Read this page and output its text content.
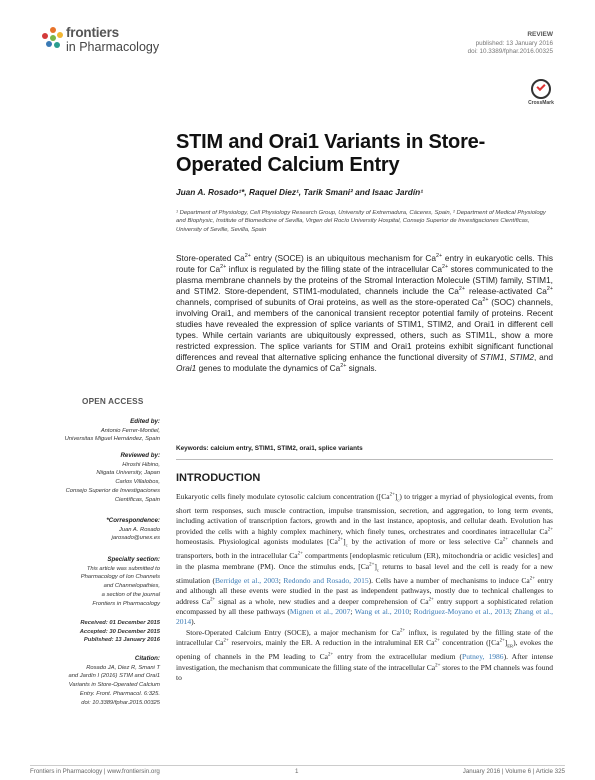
frontiers
in Pharmacology
REVIEW
published: 13 January 2016
doi: 10.3389/fphar.2016.00325
CrossMark
STIM and Orai1 Variants in Store-Operated Calcium Entry
Juan A. Rosado¹*, Raquel Diez¹, Tarik Smani² and Isaac Jardín¹
¹ Department of Physiology, Cell Physiology Research Group, University of Extremadura, Cáceres, Spain, ² Department of Medical Physiology and Biophysic, Institute of Biomedicine of Sevilla, Virgen del Rocío University Hospital, Consejo Superior de Investigaciones Científicas, University of Seville, Sevilla, Spain
Store-operated $Ca^{2+}$ entry (SOCE) is an ubiquitous mechanism for $Ca^{2+}$ entry in eukaryotic cells. This route for $Ca^{2+}$ influx is regulated by the filling state of the intracellular $Ca^{2+}$ stores communicated to the plasma membrane channels by the proteins of the Stromal Interaction Molecule (STIM) family, STIM1, and STIM2. Store-dependent, STIM1-modulated, channels include the $Ca^{2+}$ release-activated $Ca^{2+}$ channels, comprised of subunits of Orai proteins, as well as the store-operated $Ca^{2+}$ (SOC) channels, involving Orai1, and members of the canonical transient receptor potential family of proteins. Recent studies have revealed the expression of splice variants of STIM1, STIM2, and Orai1 in different cell types. While certain variants are ubiquitously expressed, others, such as STIM1L, show a more restricted expression. The splice variants for STIM and Orai1 proteins exhibit significant functional differences and reveal that alternative splicing enhance the functional diversity of STIM1, STIM2, and Orai1 genes to modulate the dynamics of $Ca^{2+}$ signals.
Keywords: calcium entry, STIM1, STIM2, orai1, splice variants
INTRODUCTION

Eukaryotic cells finely modulate cytosolic calcium concentration $([Ca^{2+}]_c)$ to trigger a myriad of physiological events, from short term responses, such muscle contraction, impulse transmission, secretion, and aggregation, to long term events, including activation of transcription factors, growth and in the last instance, apoptosis, and cellular death. Evolution has provided the cells with a highly complex machinery, which finely tunes, orchestrates and coordinates intracellular $Ca^{2+}$ homeostasis. Physiological agonists modulates $[Ca^{2+}]_c$ by the activation of more or less selective $Ca^{2+}$ channels and transporters, both in the intracellular $Ca^{2+}$ compartments [endoplasmic reticulum (ER), mitochondria or acidic vesicles] and in the plasma membrane (PM). Once the stimulus ends, $[Ca^{2+}]_c$ returns to basal level and the cell is ready for a new stimulation (Berridge et al., 2003; Redondo and Rosado, 2015). Cells have a number of mechanisms to induce $Ca^{2+}$ entry and although all these events were studied in the past as independent pathways, mostly due to technical challenges to address $Ca^{2+}$ signal as a whole, new studies and a deeper comprehension of $Ca^{2+}$ entry support a sophisticated relation encompassed by all these pathways (Mignen et al., 2007; Wang et al., 2010; Rodriguez-Moyano et al., 2013; Zhang et al., 2014).

Store-Operated Calcium Entry (SOCE), a major mechanism for $Ca^{2+}$ influx, is regulated by the filling state of the intracellular $Ca^{2+}$ reservoirs, mainly the ER. A reduction in the intraluminal ER $Ca^{2+}$ concentration $([Ca^{2+}]_{ER})$, evokes the opening of channels in the PM leading to $Ca^{2+}$ entry from the extracellular medium (Putney, 1986). After intense investigation, the mechanism that communicate the filling state of the intracellular $Ca^{2+}$ stores to the PM channels was found to

OPEN ACCESS
Edited by:
Antonio Ferrer-Montiel,
Universitas Miguel Hernández, Spain
Reviewed by:
Hiroshi Hibino,
Niigata University, Japan
Carlos Villalobos,
Consejo Superior de Investigaciones
Científicas, Spain
*Correspondence:
Juan A. Rosado
jarosado@unex.es
Specialty section:
This article was submitted to
Pharmacology of Ion Channels
and Channelopathies,
a section of the journal
Frontiers in Pharmacology
Received: 01 December 2015
Accepted: 30 December 2015
Published: 13 January 2016
Citation:
Rosado JA, Diez R, Smani T
and Jardín I (2016) STIM and Orai1
Variants in Store-Operated Calcium
Entry. Front. Pharmacol. 6:325.
doi: 10.3389/fphar.2015.00325
Frontiers in Pharmacology | www.frontiersin.org	1	January 2016 | Volume 6 | Article 325
